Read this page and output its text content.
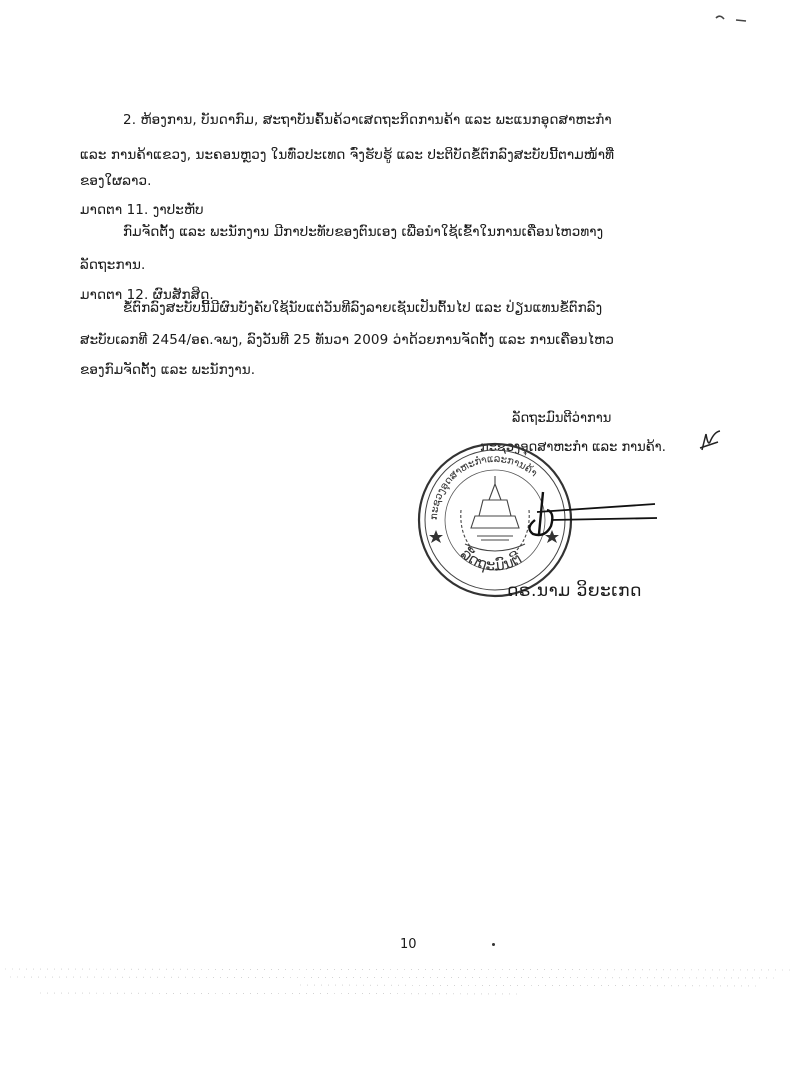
2. ຫ້ອງການ, ບັນດາກົມ, ສະຖາບັນຄົ້ນຄ້ວາເສດຖະກິດການຄ້າ ແລະ ພະແນກອຸດສາຫະກຳ
ແລະ ການຄ້າແຂວງ, ນະຄອນຫຼວງ ໃນທົ່ວປະເທດ ຈົ່ງຮັບຮູ້ ແລະ ປະຕິບັດຂໍ້ຕົກລົງສະບັບນີ້ຕາມໜ້າທີ່
ຂອງໃຜລາວ.
ມາດຕາ 11. ງາປະຫັບ
ກົມຈັດຕັ້ງ ແລະ ພະນັກງານ ມີກາປະທັບຂອງຕົນເອງ ເພື່ອນຳໃຊ້ເຂົ້າໃນການເຄື່ອນໄຫວທາງ
ລັດຖະການ.
ມາດຕາ 12. ຜົນສັກສິດ.
ຂໍ້ຕົກລົງສະບັບນີ້ມີຜົນບັງຄັບໃຊ້ນັບແຕ່ວັນທີລົງລາຍເຊັນເປັນຕົ້ນໄປ ແລະ ປ່ຽນແທນຂໍ້ຕົກລົງ
ສະບັບເລກທີ 2454/ອຄ.ຈພງ, ລົງວັນທີ 25 ທັນວາ 2009 ວ່າດ້ວຍການຈັດຕັ້ງ ແລະ ການເຄື່ອນໄຫວ
ຂອງກົມຈັດຕັ້ງ ແລະ ພະນັກງານ.
ລັດຖະມົນຕີວ່າການ
ກະຊວງອຸດສາຫະກຳ ແລະ ການຄ້າ.
ກະຊວງອຸດສາຫະກຳແລະການຄ້າ
ລັດຖະມົນຕີ
ດຣ.ນາມ ວິຍະເກດ
10
